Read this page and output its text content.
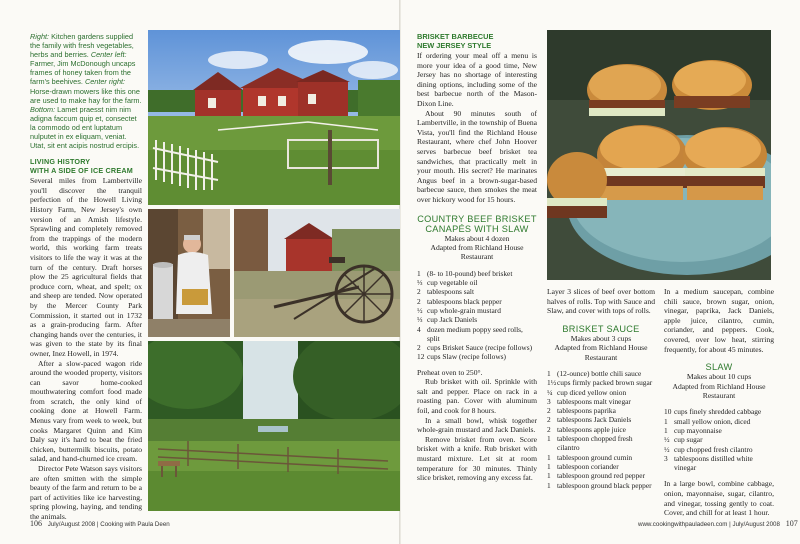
Right: Kitchen gardens supplied the family with fresh vegetables, herbs and berries. Center left: Farmer, Jim McDonough uncaps frames of honey taken from the farm's beehives. Center right: Horse-drawn mowers like this one are used to make hay for the farm. Bottom: Lamet praesst nim nim adigna faccum quip et, consectet la commodo od ent luptatum nulputet in ex eliquam, veniat. Utat, sit ent acipis nostrud ercipis.
LIVING HISTORY
WITH A SIDE OF ICE CREAM

Several miles from Lambertville you'll discover the tranquil perfection of the Howell Living History Farm, New Jersey's own version of an Amish lifestyle. Sprawling and completely removed from the trappings of the modern world, this working farm treats visitors to life the way it was at the turn of the century. Draft horses plow the 25 agricultural fields that produce corn, wheat, and spelt; ox and sheep are tended. Now operated by the Mercer County Park Commission, it started out in 1732 as a grain-producing farm. After changing hands over the centuries, it was given to the state by its final owner, Inez Howell, in 1974.

After a slow-paced wagon ride around the wooded property, visitors can savor home-cooked mouthwatering comfort food made from scratch, the only kind of cooking done at Howell Farm. Menus vary from week to week, but cooks Margaret Quinn and Kim Daly say it's hard to beat the fried chicken, buttermilk biscuits, potato salad, and hand-churned ice cream.

Director Pete Watson says visitors are often smitten with the simple beauty of the farm and return to be a part of activities like ice harvesting, spring plowing, haying, and tending the animals.

106 July/August 2008 | Cooking with Paula Deen
BRISKET BARBECUE
NEW JERSEY STYLE

If ordering your meal off a menu is more your idea of a good time, New Jersey has no shortage of interesting dining options, including some of the best barbecue north of the Mason-Dixon Line.

About 90 minutes south of Lambertville, in the township of Buena Vista, you'll find the Richland House Restaurant, where chef John Hoover serves barbecue beef brisket tea sandwiches, that practically melt in your mouth. His secret? He marinates Angus beef in a brown-sugar-based barbecue sauce, then smokes the meat over hickory wood for 15 hours.

COUNTRY BEEF BRISKET
CANAPÉS WITH SLAW
Makes about 4 dozen
Adapted from Richland House
Restaurant
1 (8- to 10-pound) beef brisket
⅓ cup vegetable oil
2 tablespoons salt
2 tablespoons black pepper
½ cup whole-grain mustard
⅓ cup Jack Daniels
4 dozen medium poppy seed rolls, split
2 cups Brisket Sauce (recipe follows)
12 cups Slaw (recipe follows)

Preheat oven to 250°.

Rub brisket with oil. Sprinkle with salt and pepper. Place on rack in a roasting pan. Cover with aluminum foil, and cook for 8 hours.

In a small bowl, whisk together whole-grain mustard and Jack Daniels.

Remove brisket from oven. Score brisket with a knife. Rub brisket with mustard mixture. Let sit at room temperature for 30 minutes. Thinly slice brisket, removing any excess fat.

Layer 3 slices of beef over bottom halves of rolls. Top with Sauce and Slaw, and cover with tops of rolls.

BRISKET SAUCE
Makes about 3 cups
Adapted from Richland House
Restaurant
1 (12-ounce) bottle chili sauce
1½ cups firmly packed brown sugar
¼ cup diced yellow onion
3 tablespoons malt vinegar
2 tablespoons paprika
2 tablespoons Jack Daniels
2 tablespoons apple juice
1 tablespoon chopped fresh cilantro
1 tablespoon ground cumin
1 tablespoon coriander
1 tablespoon ground red pepper
1 tablespoon ground black pepper

In a medium saucepan, combine chili sauce, brown sugar, onion, vinegar, paprika, Jack Daniels, apple juice, cilantro, cumin, coriander, and peppers. Cook, covered, over low heat, stirring frequently, for about 45 minutes.

SLAW
Makes about 10 cups
Adapted from Richland House
Restaurant
10 cups finely shredded cabbage
1 small yellow onion, diced
1 cup mayonnaise
½ cup sugar
½ cup chopped fresh cilantro
3 tablespoons distilled white vinegar

In a large bowl, combine cabbage, onion, mayonnaise, sugar, cilantro, and vinegar, tossing gently to coat. Cover, and chill for at least 1 hour.

www.cookingwithpauladeen.com | July/August 2008 107
